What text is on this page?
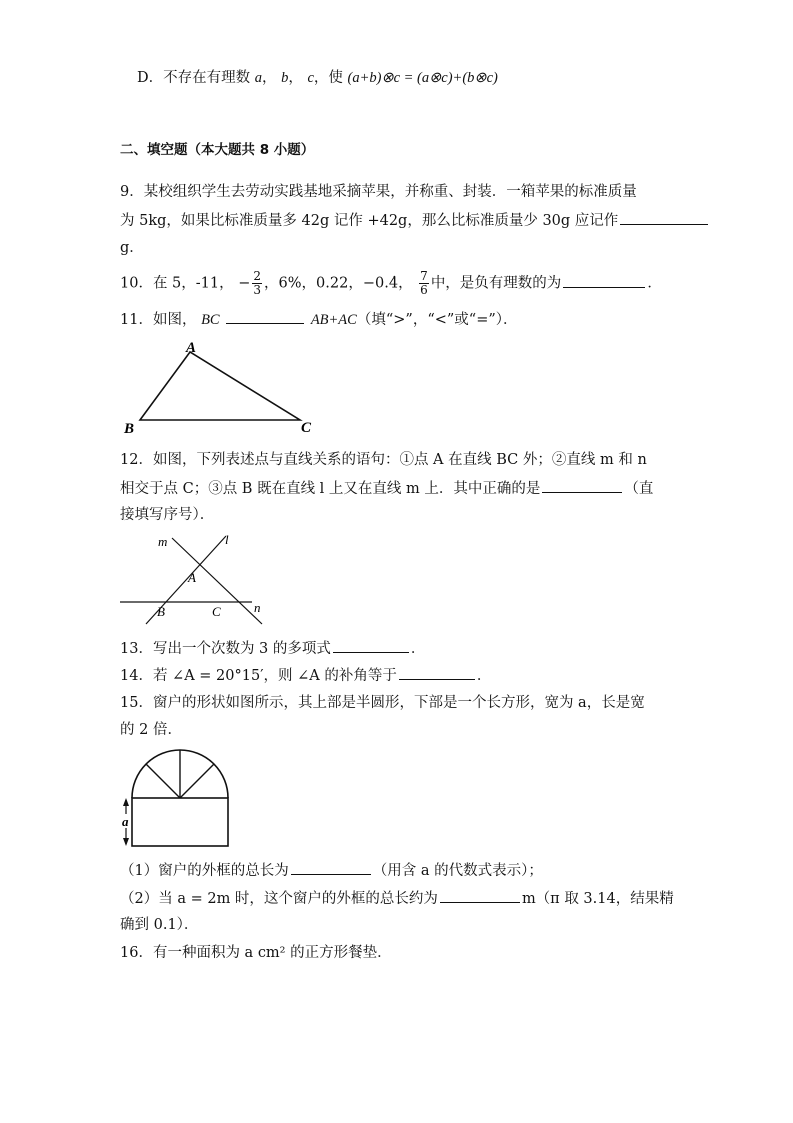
D．不存在有理数 a， b， c，使 (a+b)⊗c = (a⊗c)+(b⊗c)
二、填空题（本大题共 8 小题）
9．某校组织学生去劳动实践基地采摘苹果，并称重、封装．一箱苹果的标准质量
为 5kg，如果比标准质量多 42g 记作 +42g，那么比标准质量少 30g 应记作
g．
10．在 5，-11， − $\frac{2}{3}$ ，6%，0.22，−0.4̇， $\frac{7}{6}$ 中，是负有理数的为	．
11．如图， BC	AB+AC（填“>”，“<”或“=”）．
A
B	C
12．如图，下列表述点与直线关系的语句：①点 A 在直线 BC 外；②直线 m 和 n
相交于点 C；③点 B 既在直线 l 上又在直线 m 上．其中正确的是	（直
接填写序号）．
m	l
A
B	C	n
13．写出一个次数为 3 的多项式	．
14．若 ∠A = 20°15′，则 ∠A 的补角等于	．
15．窗户的形状如图所示，其上部是半圆形，下部是一个长方形，宽为 a，长是宽
的 2 倍．
a
（1）窗户的外框的总长为	（用含 a 的代数式表示）；
（2）当 a = 2m 时，这个窗户的外框的总长约为	m（π 取 3.14，结果精
确到 0.1）．
16．有一种面积为 a cm² 的正方形餐垫．
